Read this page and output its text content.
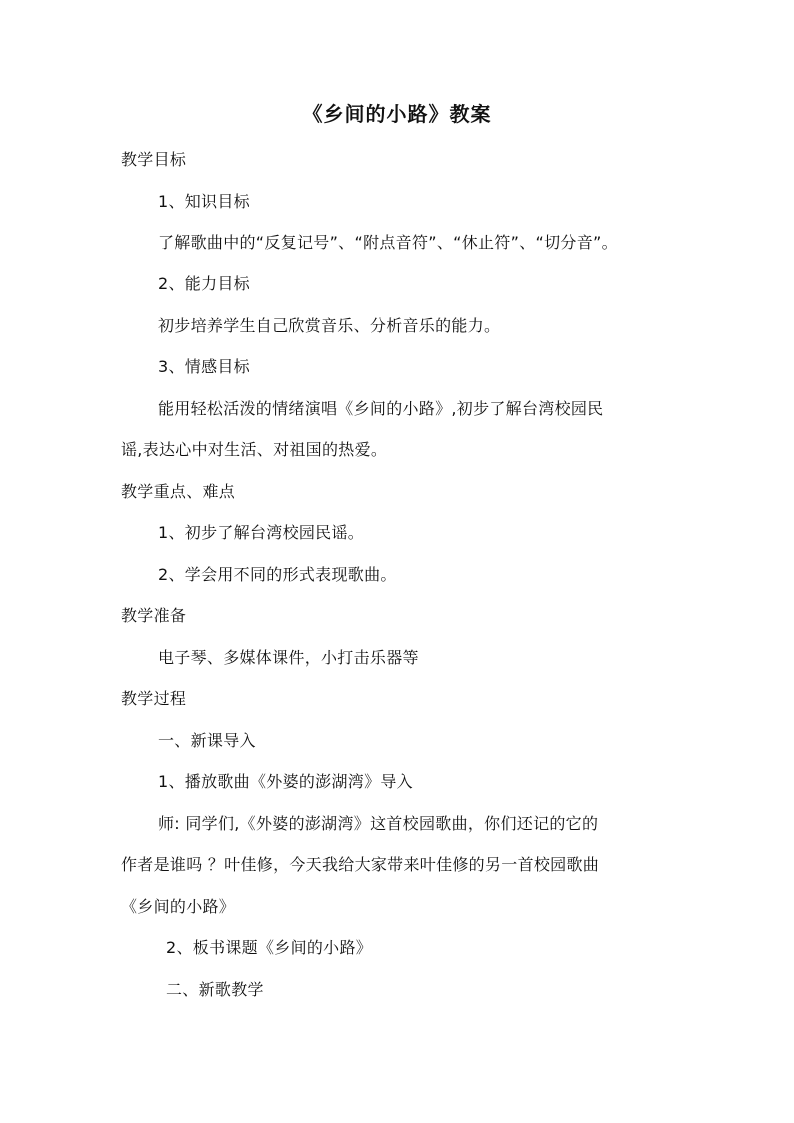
《乡间的小路》教案
教学目标
1、知识目标
了解歌曲中的“反复记号”、“附点音符”、“休止符”、“切分音”。
2、能力目标
初步培养学生自己欣赏音乐、分析音乐的能力。
3、情感目标
能用轻松活泼的情绪演唱《乡间的小路》,初步了解台湾校园民
谣,表达心中对生活、对祖国的热爱。
教学重点、难点
1、初步了解台湾校园民谣。
2、学会用不同的形式表现歌曲。
教学准备
电子琴、多媒体课件，小打击乐器等
教学过程
一、新课导入
1、播放歌曲《外婆的澎湖湾》导入
师: 同学们,《外婆的澎湖湾》这首校园歌曲，你们还记的它的
作者是谁吗 ？叶佳修，今天我给大家带来叶佳修的另一首校园歌曲
《乡间的小路》
2、板书课题《乡间的小路》
二、新歌教学
